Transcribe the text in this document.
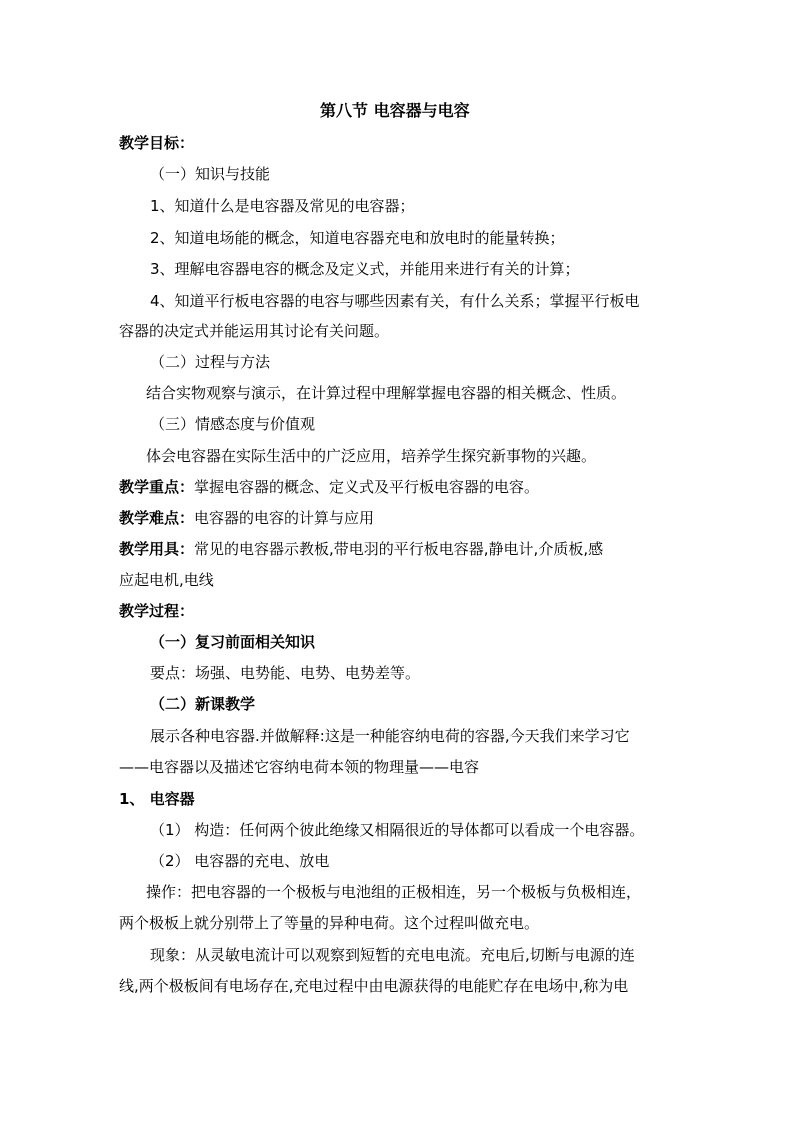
第八节 电容器与电容
教学目标：
（一）知识与技能
1、知道什么是电容器及常见的电容器；
2、知道电场能的概念，知道电容器充电和放电时的能量转换；
3、理解电容器电容的概念及定义式，并能用来进行有关的计算；
4、知道平行板电容器的电容与哪些因素有关，有什么关系；掌握平行板电
容器的决定式并能运用其讨论有关问题。
（二）过程与方法
结合实物观察与演示，在计算过程中理解掌握电容器的相关概念、性质。
（三）情感态度与价值观
体会电容器在实际生活中的广泛应用，培养学生探究新事物的兴趣。
教学重点：掌握电容器的概念、定义式及平行板电容器的电容。
教学难点：电容器的电容的计算与应用
教学用具：常见的电容器示教板,带电羽的平行板电容器,静电计,介质板,感
应起电机,电线
教学过程：
（一）复习前面相关知识
要点：场强、电势能、电势、电势差等。
（二）新课教学
展示各种电容器.并做解释:这是一种能容纳电荷的容器,今天我们来学习它
——电容器以及描述它容纳电荷本领的物理量——电容
1、 电容器
（1） 构造：任何两个彼此绝缘又相隔很近的导体都可以看成一个电容器。
（2） 电容器的充电、放电
操作：把电容器的一个极板与电池组的正极相连，另一个极板与负极相连，
两个极板上就分别带上了等量的异种电荷。这个过程叫做充电。
现象：从灵敏电流计可以观察到短暂的充电电流。充电后,切断与电源的连
线,两个极板间有电场存在,充电过程中由电源获得的电能贮存在电场中,称为电
